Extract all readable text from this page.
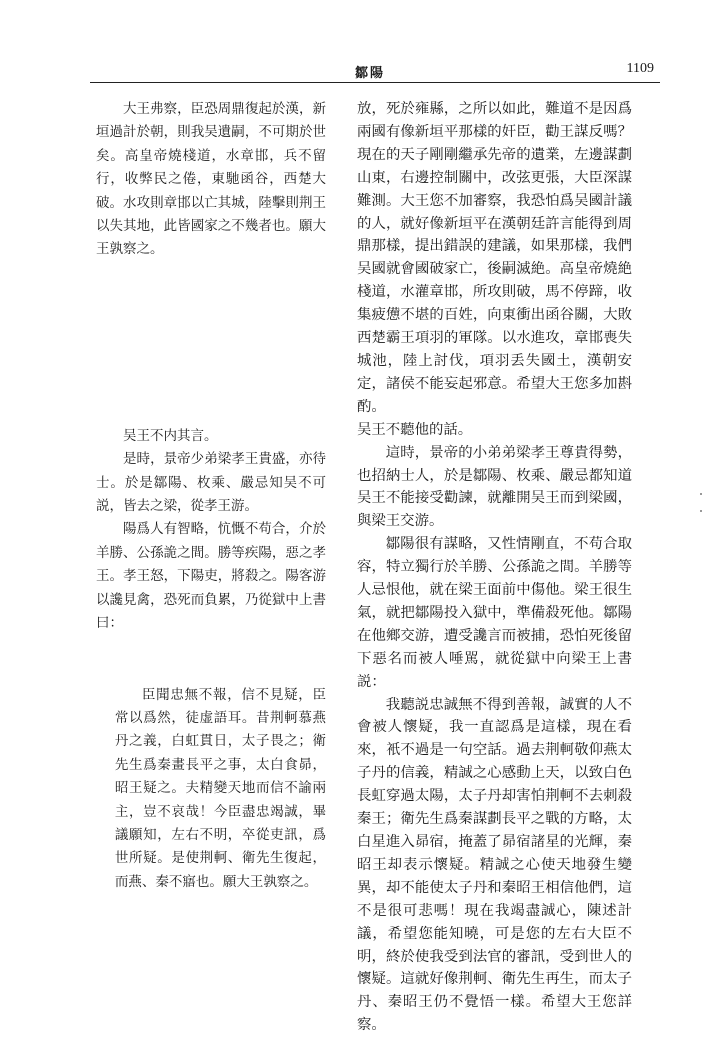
鄒陽	1109

大王弗察，臣恐周鼎復起於漢，新垣過計於朝，則我吴遺嗣，不可期於世矣。高皇帝燒棧道，水章邯，兵不留行，收弊民之倦，東馳函谷，西楚大破。水攻則章邯以亡其城，陸擊則荆王以失其地，此皆國家之不幾者也。願大王孰察之。

吴王不内其言。

是時，景帝少弟梁孝王貴盛，亦待士。於是鄒陽、枚乘、嚴忌知吴不可説，皆去之梁，從孝王游。

陽爲人有智略，忼慨不苟合，介於羊勝、公孫詭之間。勝等疾陽，惡之孝王。孝王怒，下陽吏，將殺之。陽客游以讒見禽，恐死而負累，乃從獄中上書曰：

臣聞忠無不報，信不見疑，臣常以爲然，徒虚語耳。昔荆軻慕燕丹之義，白虹貫日，太子畏之；衛先生爲秦畫長平之事，太白食昴，昭王疑之。夫精變天地而信不諭兩主，豈不哀哉！今臣盡忠竭誠，畢議願知，左右不明，卒從吏訊，爲世所疑。是使荆軻、衛先生復起，而燕、秦不寤也。願大王孰察之。

放，死於雍縣，之所以如此，難道不是因爲兩國有像新垣平那樣的奸臣，勸王謀反嗎？現在的天子剛剛繼承先帝的遺業，左邊謀劃山東，右邊控制關中，改弦更張，大臣深謀難測。大王您不加審察，我恐怕爲吴國計議的人，就好像新垣平在漢朝廷許言能得到周鼎那樣，提出錯誤的建議，如果那樣，我們吴國就會國破家亡，後嗣滅絶。高皇帝燒絶棧道，水灌章邯，所攻則破，馬不停蹄，收集疲憊不堪的百姓，向東衝出函谷關，大敗西楚霸王項羽的軍隊。以水進攻，章邯喪失城池，陸上討伐，項羽丢失國土，漢朝安定，諸侯不能妄起邪意。希望大王您多加斟酌。

吴王不聽他的話。

這時，景帝的小弟弟梁孝王尊貴得勢，也招納士人，於是鄒陽、枚乘、嚴忌都知道吴王不能接受勸諫，就離開吴王而到梁國，與梁王交游。

鄒陽很有謀略，又性情剛直，不苟合取容，特立獨行於羊勝、公孫詭之間。羊勝等人忌恨他，就在梁王面前中傷他。梁王很生氣，就把鄒陽投入獄中，準備殺死他。鄒陽在他鄉交游，遭受讒言而被捕，恐怕死後留下惡名而被人唾駡，就從獄中向梁王上書説：

我聽説忠誠無不得到善報，誠實的人不會被人懷疑，我一直認爲是這樣，現在看來，衹不過是一句空話。過去荆軻敬仰燕太子丹的信義，精誠之心感動上天，以致白色長虹穿過太陽，太子丹却害怕荆軻不去刺殺秦王；衛先生爲秦謀劃長平之戰的方略，太白星進入昴宿，掩蓋了昴宿諸星的光輝，秦昭王却表示懷疑。精誠之心使天地發生變異，却不能使太子丹和秦昭王相信他們，這不是很可悲嗎！現在我竭盡誠心，陳述計議，希望您能知曉，可是您的左右大臣不明，終於使我受到法官的審訊，受到世人的懷疑。這就好像荆軻、衛先生再生，而太子丹、秦昭王仍不覺悟一樣。希望大王您詳察。
